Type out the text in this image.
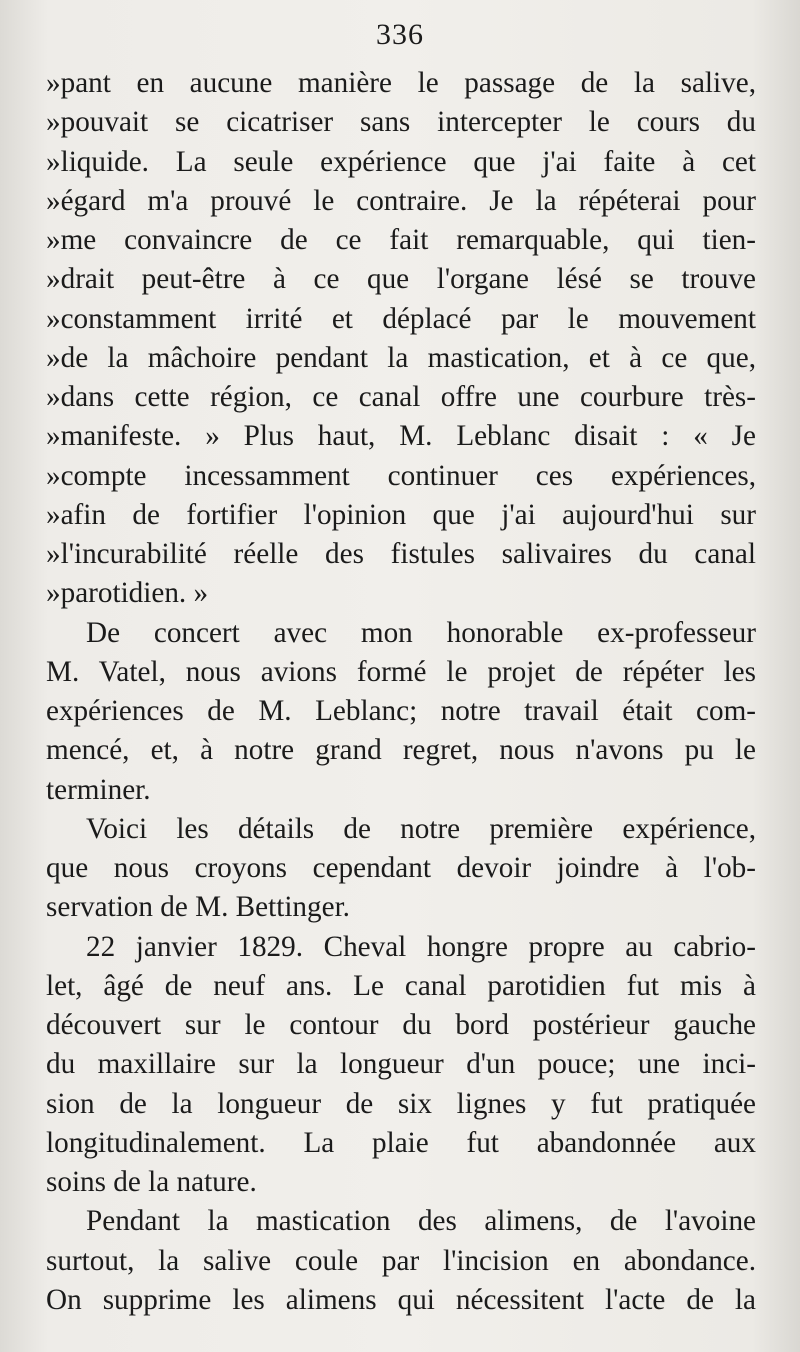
336
»pant en aucune manière le passage de la salive,
»pouvait se cicatriser sans intercepter le cours du
»liquide. La seule expérience que j'ai faite à cet
»égard m'a prouvé le contraire. Je la répéterai pour
»me convaincre de ce fait remarquable, qui tien-
»drait peut-être à ce que l'organe lésé se trouve
»constamment irrité et déplacé par le mouvement
»de la mâchoire pendant la mastication, et à ce que,
»dans cette région, ce canal offre une courbure très-
»manifeste. » Plus haut, M. Leblanc disait : « Je
»compte incessamment continuer ces expériences,
»afin de fortifier l'opinion que j'ai aujourd'hui sur
»l'incurabilité réelle des fistules salivaires du canal
»parotidien. »
De concert avec mon honorable ex-professeur
M. Vatel, nous avions formé le projet de répéter les
expériences de M. Leblanc; notre travail était com-
mencé, et, à notre grand regret, nous n'avons pu le
terminer.
Voici les détails de notre première expérience,
que nous croyons cependant devoir joindre à l'ob-
servation de M. Bettinger.
22 janvier 1829. Cheval hongre propre au cabrio-
let, âgé de neuf ans. Le canal parotidien fut mis à
découvert sur le contour du bord postérieur gauche
du maxillaire sur la longueur d'un pouce; une inci-
sion de la longueur de six lignes y fut pratiquée
longitudinalement. La plaie fut abandonnée aux
soins de la nature.
Pendant la mastication des alimens, de l'avoine
surtout, la salive coule par l'incision en abondance.
On supprime les alimens qui nécessitent l'acte de la
